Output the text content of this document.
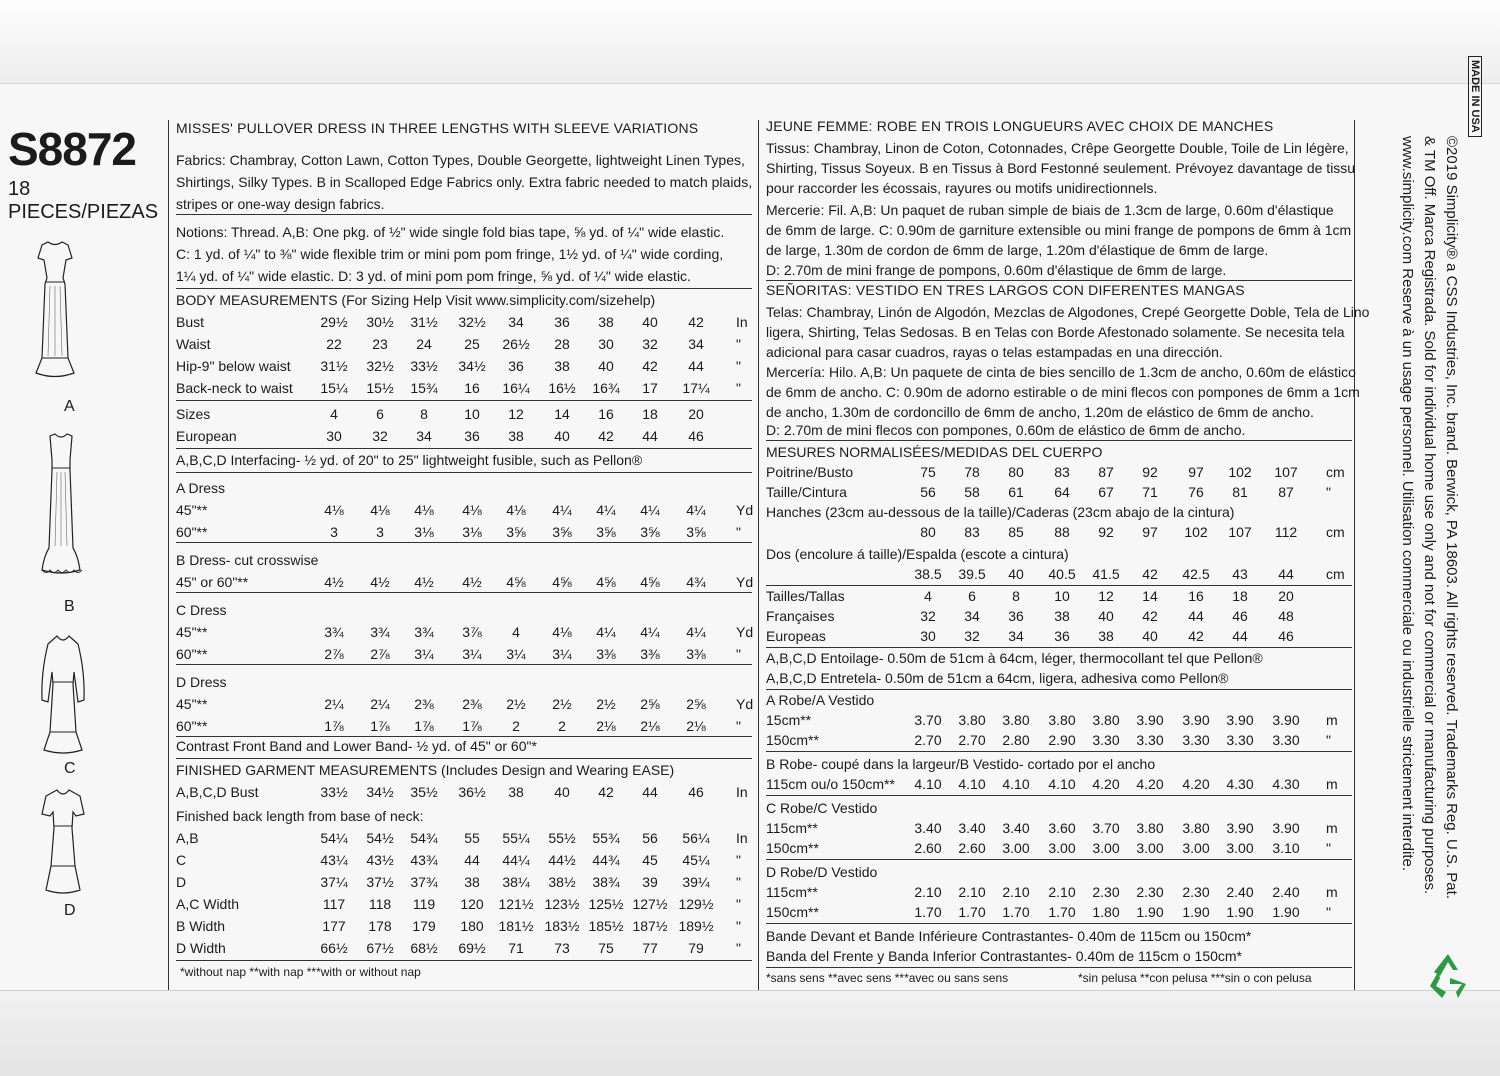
S8872
18 PIECES/PIEZAS
A
B
C
D
MISSES' PULLOVER DRESS IN THREE LENGTHS WITH SLEEVE VARIATIONS
Fabrics: Chambray, Cotton Lawn, Cotton Types, Double Georgette, lightweight Linen Types,
Shirtings, Silky Types. B in Scalloped Edge Fabrics only. Extra fabric needed to match plaids,
stripes or one-way design fabrics.
Notions: Thread. A,B: One pkg. of ½" wide single fold bias tape, ⅝ yd. of ¼" wide elastic.
C: 1 yd. of ¼" to ⅜" wide flexible trim or mini pom pom fringe, 1½ yd. of ¼" wide cording,
1¼ yd. of ¼" wide elastic. D: 3 yd. of mini pom pom fringe, ⅝ yd. of ¼" wide elastic.
BODY MEASUREMENTS (For Sizing Help Visit www.simplicity.com/sizehelp)
Bust	29½	30½	31½	32½	34	36	38	40	42	In
Waist	22	23	24	25	26½	28	30	32	34	"
Hip-9" below waist	31½	32½	33½	34½	36	38	40	42	44	"
Back-neck to waist	15¼	15½	15¾	16	16¼	16½	16¾	17	17¼	"
Sizes	4	6	8	10	12	14	16	18	20
European	30	32	34	36	38	40	42	44	46
A,B,C,D Interfacing- ½ yd. of 20" to 25" lightweight fusible, such as Pellon®
A Dress
45"**	4⅛	4⅛	4⅛	4⅛	4⅛	4¼	4¼	4¼	4¼	Yd
60"**	3	3	3⅛	3⅛	3⅝	3⅝	3⅝	3⅝	3⅝	"
B Dress- cut crosswise
45" or 60"**	4½	4½	4½	4½	4⅝	4⅝	4⅝	4⅝	4¾	Yd
C Dress
45"**	3¾	3¾	3¾	3⅞	4	4⅛	4¼	4¼	4¼	Yd
60"**	2⅞	2⅞	3¼	3¼	3¼	3¼	3⅜	3⅜	3⅜	"
D Dress
45"**	2¼	2¼	2⅜	2⅜	2½	2½	2½	2⅝	2⅝	Yd
60"**	1⅞	1⅞	1⅞	1⅞	2	2	2⅛	2⅛	2⅛	"
Contrast Front Band and Lower Band- ½ yd. of 45" or 60"*
FINISHED GARMENT MEASUREMENTS (Includes Design and Wearing EASE)
A,B,C,D Bust	33½	34½	35½	36½	38	40	42	44	46	In
Finished back length from base of neck:
A,B	54¼	54½	54¾	55	55¼	55½	55¾	56	56¼	In
C	43¼	43½	43¾	44	44¼	44½	44¾	45	45¼	"
D	37¼	37½	37¾	38	38¼	38½	38¾	39	39¼	"
A,C Width	117	118	119	120	121½ 123½ 125½ 127½ 129½ "
B Width	177	178	179	180	181½ 183½ 185½ 187½ 189½ "
D Width	66½	67½	68½	69½	71	73	75	77	79	"
*without nap **with nap ***with or without nap
JEUNE FEMME: ROBE EN TROIS LONGUEURS AVEC CHOIX DE MANCHES
Tissus: Chambray, Linon de Coton, Cotonnades, Crêpe Georgette Double, Toile de Lin légère,
Shirting, Tissus Soyeux. B en Tissus à Bord Festonné seulement. Prévoyez davantage de tissu
pour raccorder les écossais, rayures ou motifs unidirectionnels.
Mercerie: Fil. A,B: Un paquet de ruban simple de biais de 1.3cm de large, 0.60m d'élastique
de 6mm de large. C: 0.90m de garniture extensible ou mini frange de pompons de 6mm à 1cm
de large, 1.30m de cordon de 6mm de large, 1.20m d'élastique de 6mm de large.
D: 2.70m de mini frange de pompons, 0.60m d'élastique de 6mm de large.
SEÑORITAS: VESTIDO EN TRES LARGOS CON DIFERENTES MANGAS
Telas: Chambray, Linón de Algodón, Mezclas de Algodones, Crepé Georgette Doble, Tela de Lino
ligera, Shirting, Telas Sedosas. B en Telas con Borde Afestonado solamente. Se necesita tela
adicional para casar cuadros, rayas o telas estampadas en una dirección.
Mercería: Hilo. A,B: Un paquete de cinta de bies sencillo de 1.3cm de ancho, 0.60m de elástico
de 6mm de ancho. C: 0.90m de adorno estirable o de mini flecos con pompones de 6mm a 1cm
de ancho, 1.30m de cordoncillo de 6mm de ancho, 1.20m de elástico de 6mm de ancho.
D: 2.70m de mini flecos con pompones, 0.60m de elástico de 6mm de ancho.
MESURES NORMALISÉES/MEDIDAS DEL CUERPO
Poitrine/Busto	75	78	80	83	87	92	97	102	107	cm
Taille/Cintura	56	58	61	64	67	71	76	81	87	"
Hanches (23cm au-dessous de la taille)/Caderas (23cm abajo de la cintura)
80	83	85	88	92	97	102	107	112	cm
Dos (encolure á taille)/Espalda (escote a cintura)
38.5	39.5	40	40.5	41.5	42	42.5	43	44	cm
Tailles/Tallas	4	6	8	10	12	14	16	18	20
Françaises	32	34	36	38	40	42	44	46	48
Europeas	30	32	34	36	38	40	42	44	46
A,B,C,D Entoilage- 0.50m de 51cm à 64cm, léger, thermocollant tel que Pellon®
A,B,C,D Entretela- 0.50m de 51cm a 64cm, ligera, adhesiva como Pellon®
A Robe/A Vestido
15cm**	3.70	3.80	3.80	3.80	3.80	3.90	3.90	3.90	3.90	m
150cm**	2.70	2.70	2.80	2.90	3.30	3.30	3.30	3.30	3.30	"
B Robe- coupé dans la largeur/B Vestido- cortado por el ancho
115cm ou/o 150cm**	4.10	4.10	4.10	4.10	4.20	4.20	4.20	4.30	4.30	m
C Robe/C Vestido
115cm**	3.40	3.40	3.40	3.60	3.70	3.80	3.80	3.90	3.90	m
150cm**	2.60	2.60	3.00	3.00	3.00	3.00	3.00	3.00	3.10	"
D Robe/D Vestido
115cm**	2.10	2.10	2.10	2.10	2.30	2.30	2.30	2.40	2.40	m
150cm**	1.70	1.70	1.70	1.70	1.80	1.90	1.90	1.90	1.90	"
Bande Devant et Bande Inférieure Contrastantes- 0.40m de 115cm ou 150cm*
Banda del Frente y Banda Inferior Contrastantes- 0.40m de 115cm o 150cm*
*sans sens **avec sens ***avec ou sans sens	*sin pelusa **con pelusa ***sin o con pelusa
MADE IN USA
©2019 Simplicity® a CSS Industries, Inc. brand. Berwick, PA 18603. All rights reserved. Trademarks Reg. U.S. Pat.
& TM Off. Marca Registrada. Sold for individual home use only and not for commercial or manufacturing purposes.
www.simplicity.com Reserve à un usage personnel. Utilisation commerciale ou industrielle strictement interdite.
